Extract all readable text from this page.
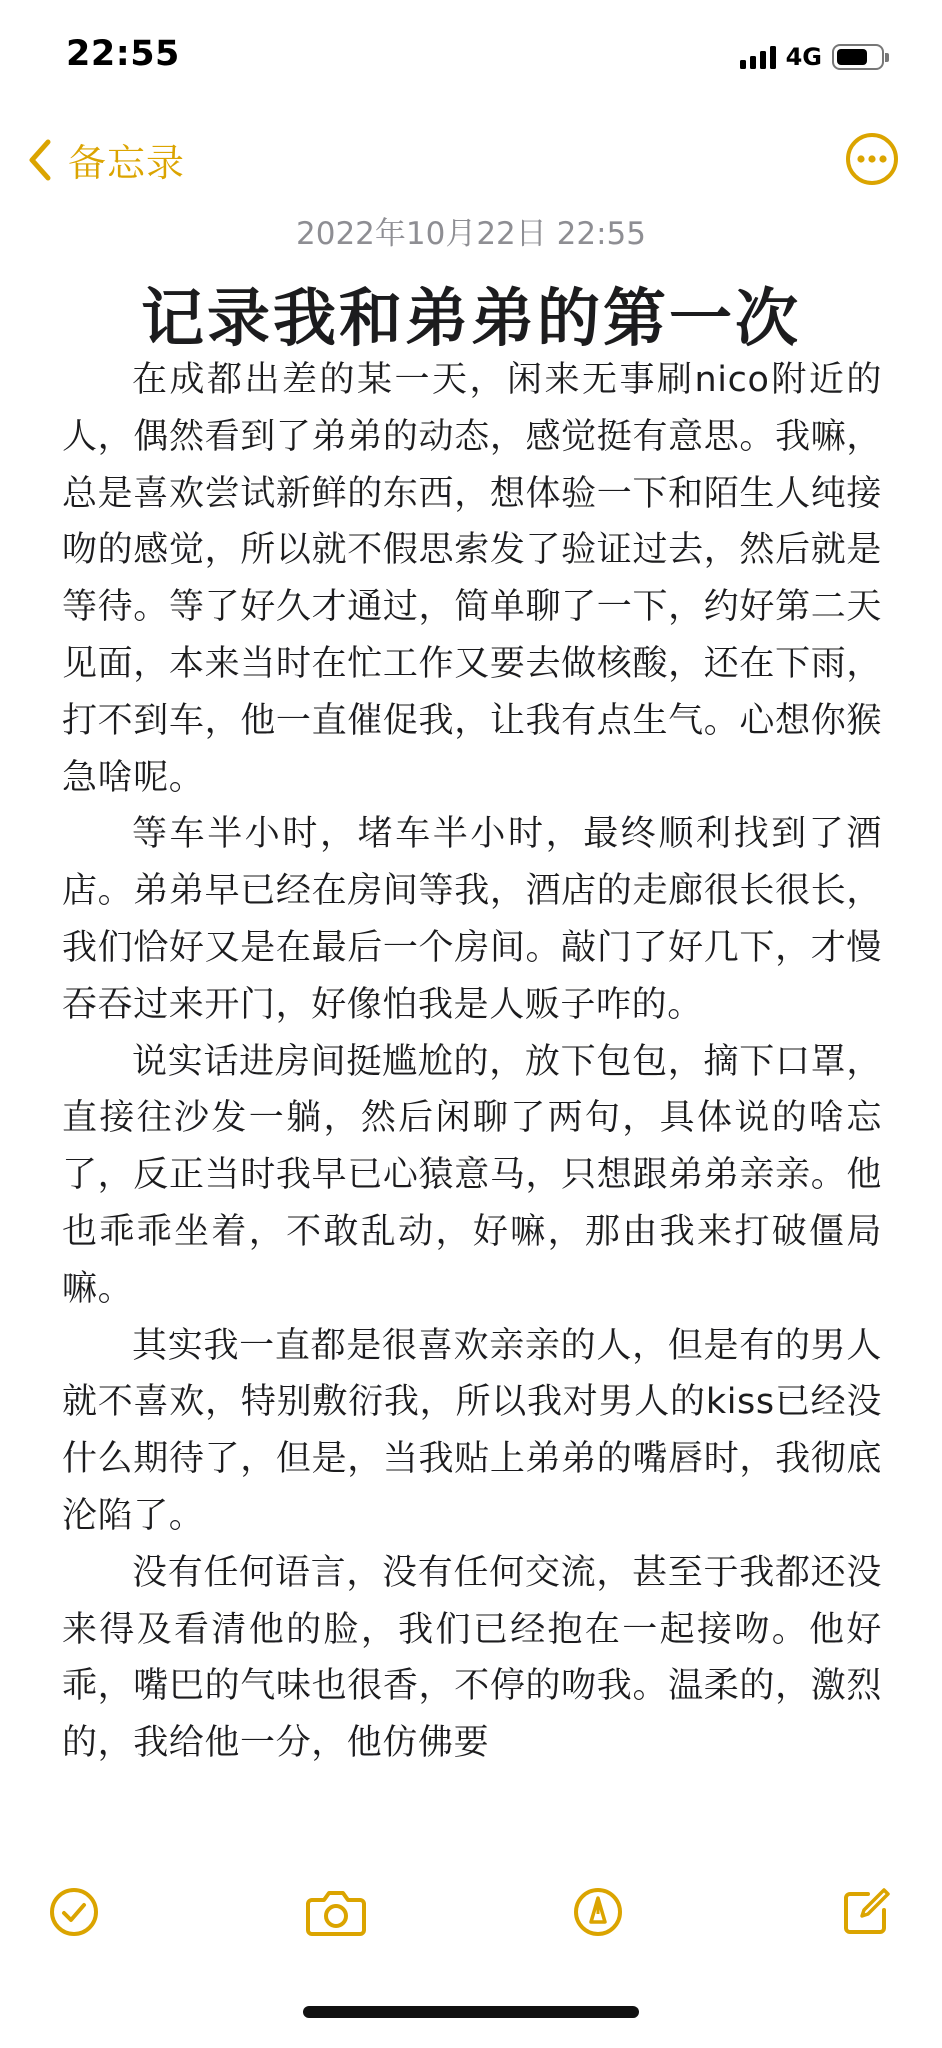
22:55	4G
备忘录
2022年10月22日 22:55
记录我和弟弟的第一次

在成都出差的某一天，闲来无事刷nico附近的人，偶然看到了弟弟的动态，感觉挺有意思。我嘛，总是喜欢尝试新鲜的东西，想体验一下和陌生人纯接吻的感觉，所以就不假思索发了验证过去，然后就是等待。等了好久才通过，简单聊了一下，约好第二天见面，本来当时在忙工作又要去做核酸，还在下雨，打不到车，他一直催促我，让我有点生气。心想你猴急啥呢。

等车半小时，堵车半小时，最终顺利找到了酒店。弟弟早已经在房间等我，酒店的走廊很长很长，我们恰好又是在最后一个房间。敲门了好几下，才慢吞吞过来开门，好像怕我是人贩子咋的。

说实话进房间挺尴尬的，放下包包，摘下口罩，直接往沙发一躺，然后闲聊了两句，具体说的啥忘了，反正当时我早已心猿意马，只想跟弟弟亲亲。他也乖乖坐着，不敢乱动，好嘛，那由我来打破僵局嘛。

其实我一直都是很喜欢亲亲的人，但是有的男人就不喜欢，特别敷衍我，所以我对男人的kiss已经没什么期待了，但是，当我贴上弟弟的嘴唇时，我彻底沦陷了。

没有任何语言，没有任何交流，甚至于我都还没来得及看清他的脸，我们已经抱在一起接吻。他好乖，嘴巴的气味也很香，不停的吻我。温柔的，激烈的，我给他一分，他仿佛要
